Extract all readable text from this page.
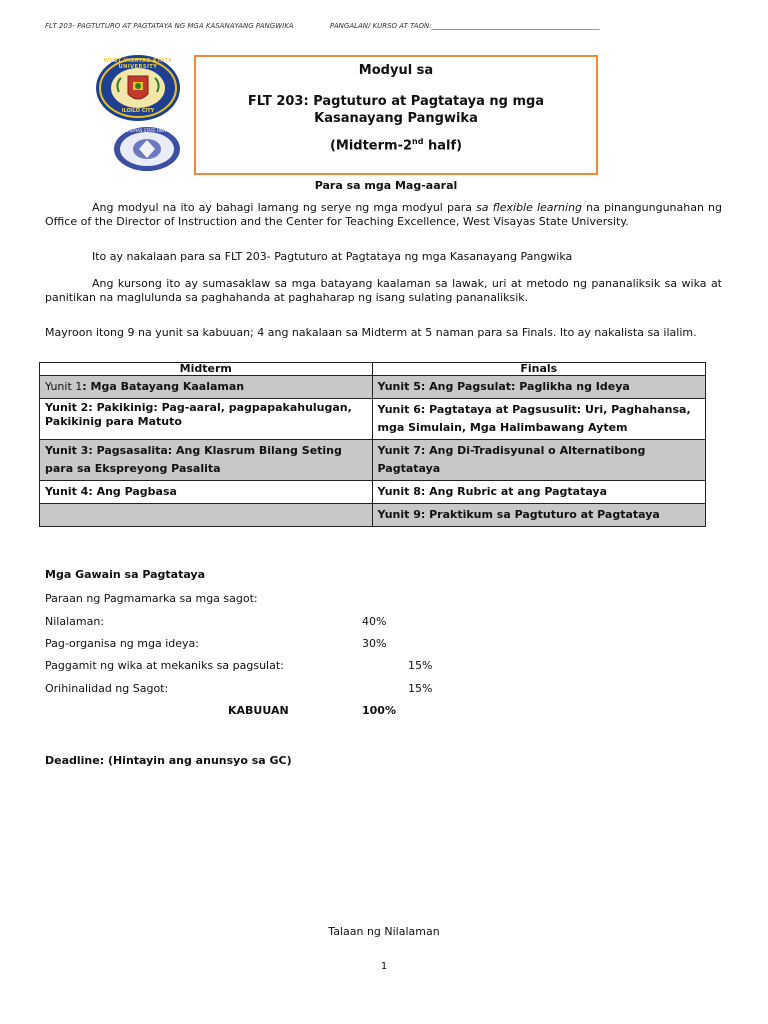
FLT 203- PAGTUTURO AT PAGTATAYA NG MGA KASANAYANG PANGWIKA	PANGALAN/ KURSO AT TAON:________________________________________________
WEST VISAYAS STATE UNIVERSITY
ILOILO CITY
WEST VISAYAS STATE UNIVERSITY
Modyul sa
FLT 203: Pagtuturo at Pagtataya ng mga
Kasanayang Pangwika
(Midterm-2nd half)
Para sa mga Mag-aaral
Ang modyul na ito ay bahagi lamang ng serye ng mga modyul para sa flexible learning na pinangungunahan ng Office of the Director of Instruction and the Center for Teaching Excellence, West Visayas State University.
Ito ay nakalaan para sa FLT 203- Pagtuturo at Pagtataya ng mga Kasanayang Pangwika
Ang kursong ito ay sumasaklaw sa mga batayang kaalaman sa lawak, uri at metodo ng pananaliksik sa wika at panitikan na maglulunda sa paghahanda at paghaharap ng isang sulating pananaliksik.
Mayroon itong 9 na yunit sa kabuuan; 4 ang nakalaan sa Midterm at 5 naman para sa Finals. Ito ay nakalista sa ilalim.
Midterm	Finals
Yunit 1: Mga Batayang Kaalaman	Yunit 5: Ang Pagsulat: Paglikha ng Ideya
Yunit 2: Pakikinig: Pag-aaral, pagpapakahulugan, Pakikinig para Matuto	Yunit 6: Pagtataya at Pagsusulit: Uri, Paghahansa, mga Simulain, Mga Halimbawang Aytem
Yunit 3: Pagsasalita: Ang Klasrum Bilang Seting para sa Ekspreyong Pasalita	Yunit 7: Ang Di-Tradisyunal o Alternatibong Pagtataya
Yunit 4: Ang Pagbasa	Yunit 8: Ang Rubric at ang Pagtataya
	Yunit 9: Praktikum sa Pagtuturo at Pagtataya
Mga Gawain sa Pagtataya
Paraan ng Pagmamarka sa mga sagot:
Nilalaman:	40%
Pag-organisa ng mga ideya:	30%
Paggamit ng wika at mekaniks sa pagsulat:	15%
Orihinalidad ng Sagot:	15%
KABUUAN	100%
Deadline: (Hintayin ang anunsyo sa GC)
Talaan ng Nilalaman
1
